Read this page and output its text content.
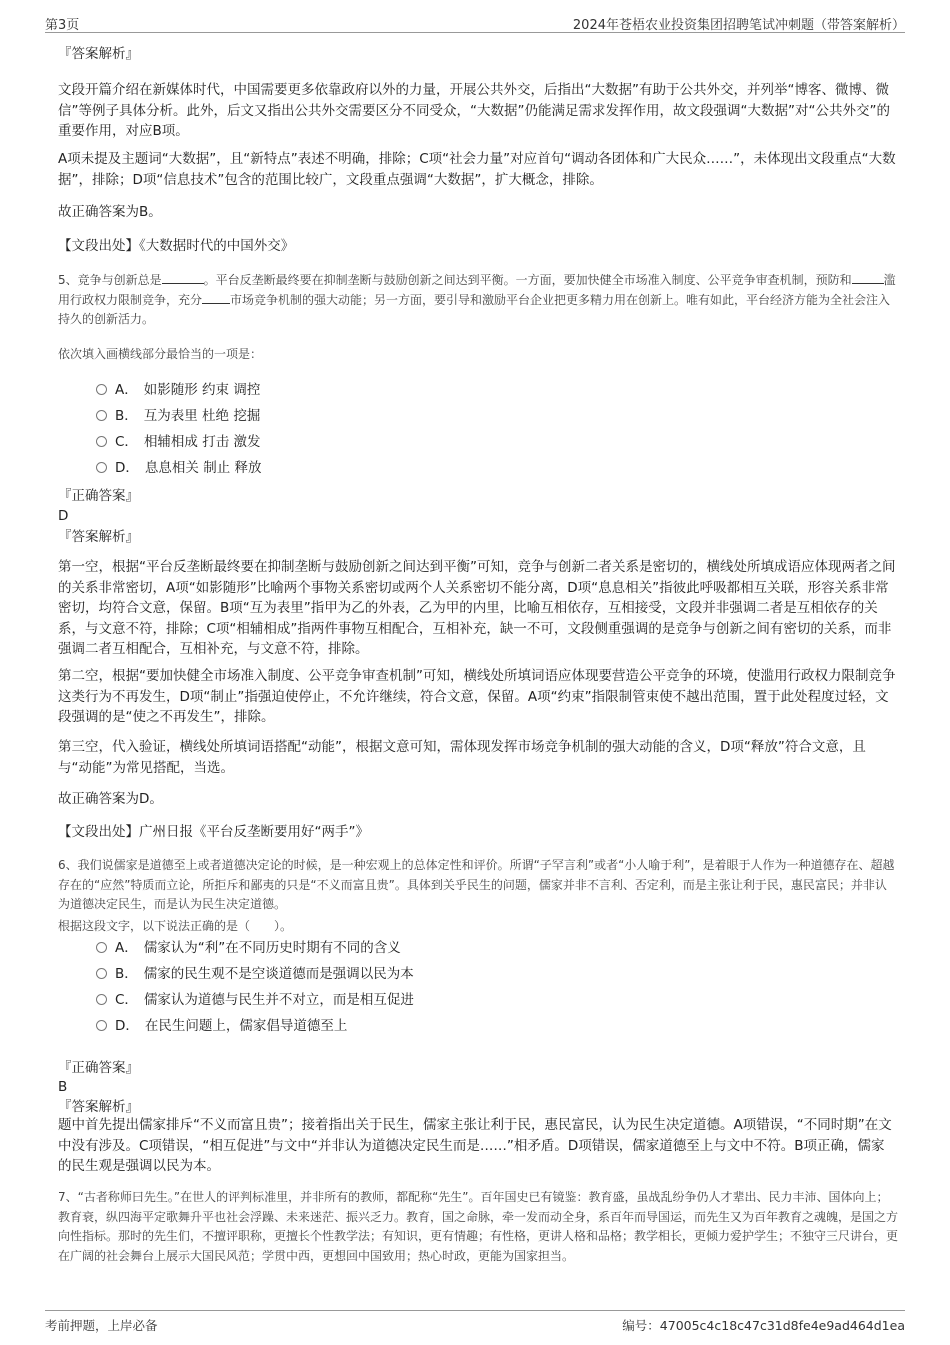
第3页	2024年苍梧农业投资集团招聘笔试冲刺题（带答案解析）

『答案解析』

文段开篇介绍在新媒体时代，中国需要更多依靠政府以外的力量，开展公共外交，后指出“大数据”有助于公共外交，并列举“博客、微博、微信”等例子具体分析。此外，后文又指出公共外交需要区分不同受众，“大数据”仍能满足需求发挥作用，故文段强调“大数据”对“公共外交”的重要作用，对应B项。

A项未提及主题词“大数据”，且“新特点”表述不明确，排除；C项“社会力量”对应首句“调动各团体和广大民众……”，未体现出文段重点“大数据”，排除；D项“信息技术”包含的范围比较广，文段重点强调“大数据”，扩大概念，排除。

故正确答案为B。

【文段出处】《大数据时代的中国外交》

5、竞争与创新总是	。平台反垄断最终要在抑制垄断与鼓励创新之间达到平衡。一方面，要加快健全市场准入制度、公平竞争审查机制，预防和	滥用行政权力限制竞争，充分 市场竞争机制的强大动能；另一方面，要引导和激励平台企业把更多精力用在创新上。唯有如此，平台经济方能为全社会注入持久的创新活力。

依次填入画横线部分最恰当的一项是：

A． 如影随形 约束 调控
B． 互为表里 杜绝 挖掘
C． 相辅相成 打击 激发
D． 息息相关 制止 释放

『正确答案』

D

『答案解析』

第一空，根据“平台反垄断最终要在抑制垄断与鼓励创新之间达到平衡”可知，竞争与创新二者关系是密切的，横线处所填成语应体现两者之间的关系非常密切，A项“如影随形”比喻两个事物关系密切或两个人关系密切不能分离，D项“息息相关”指彼此呼吸都相互关联，形容关系非常密切，均符合文意，保留。B项“互为表里”指甲为乙的外表，乙为甲的内里，比喻互相依存，互相接受，文段并非强调二者是互相依存的关系，与文意不符，排除；C项“相辅相成”指两件事物互相配合，互相补充，缺一不可，文段侧重强调的是竞争与创新之间有密切的关系，而非强调二者互相配合，互相补充，与文意不符，排除。

第二空，根据“要加快健全市场准入制度、公平竞争审查机制”可知，横线处所填词语应体现要营造公平竞争的环境，使滥用行政权力限制竞争这类行为不再发生，D项“制止”指强迫使停止，不允许继续，符合文意，保留。A项“约束”指限制管束使不越出范围，置于此处程度过轻，文段强调的是“使之不再发生”，排除。

第三空，代入验证，横线处所填词语搭配“动能”，根据文意可知，需体现发挥市场竞争机制的强大动能的含义，D项“释放”符合文意，且与“动能”为常见搭配，当选。

故正确答案为D。

【文段出处】广州日报《平台反垄断要用好“两手”》

6、我们说儒家是道德至上或者道德决定论的时候，是一种宏观上的总体定性和评价。所谓“子罕言利”或者“小人喻于利”，是着眼于人作为一种道德存在、超越存在的“应然”特质而立论，所拒斥和鄙夷的只是“不义而富且贵”。具体到关乎民生的问题，儒家并非不言利、否定利，而是主张让利于民，惠民富民；并非认为道德决定民生，而是认为民生决定道德。

根据这段文字，以下说法正确的是（　　）。

A． 儒家认为“利”在不同历史时期有不同的含义
B． 儒家的民生观不是空谈道德而是强调以民为本
C． 儒家认为道德与民生并不对立，而是相互促进
D． 在民生问题上，儒家倡导道德至上

『正确答案』

B

『答案解析』

题中首先提出儒家排斥“不义而富且贵”；接着指出关于民生，儒家主张让利于民，惠民富民，认为民生决定道德。A项错误，“不同时期”在文中没有涉及。C项错误，“相互促进”与文中“并非认为道德决定民生而是……”相矛盾。D项错误，儒家道德至上与文中不符。B项正确，儒家的民生观是强调以民为本。

7、“古者称师曰先生。”在世人的评判标准里，并非所有的教师，都配称“先生”。百年国史已有镜鉴：教育盛，虽战乱纷争仍人才辈出、民力丰沛、国体向上；教育衰，纵四海平定歌舞升平也社会浮躁、未来迷茫、振兴乏力。教育，国之命脉，牵一发而动全身，系百年而导国运，而先生又为百年教育之魂魄，是国之方向性指标。那时的先生们，不擅评职称，更擅长个性教学法；有知识，更有情趣；有性格，更讲人格和品格；教学相长，更倾力爱护学生；不独守三尺讲台，更在广阔的社会舞台上展示大国民风范；学贯中西，更想回中国致用；热心时政，更能为国家担当。

考前押题，上岸必备	编号：47005c4c18c47c31d8fe4e9ad464d1ea
